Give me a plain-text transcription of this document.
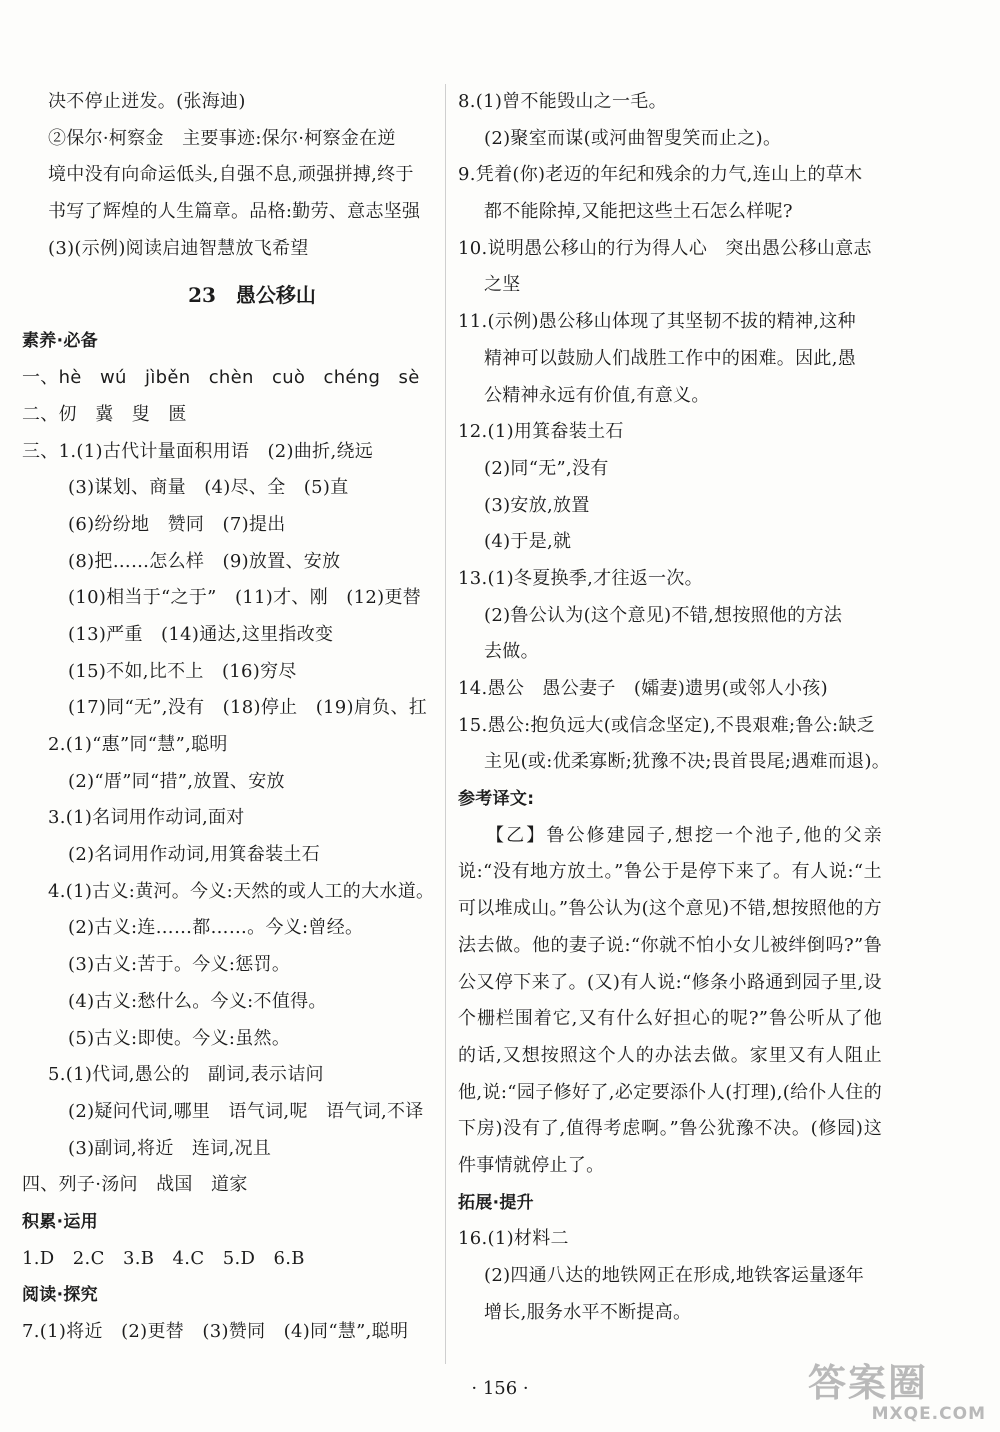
决不停止迸发。(张海迪)
②保尔·柯察金　主要事迹:保尔·柯察金在逆
境中没有向命运低头,自强不息,顽强拼搏,终于
书写了辉煌的人生篇章。品格:勤劳、意志坚强
(3)(示例)阅读启迪智慧放飞希望
23　愚公移山
素养·必备
一、hè　wú　jìběn　chèn　cuò　chéng　sè
二、仞　冀　叟　匮
三、1.(1)古代计量面积用语　(2)曲折,绕远
(3)谋划、商量　(4)尽、全　(5)直
(6)纷纷地　赞同　(7)提出
(8)把……怎么样　(9)放置、安放
(10)相当于“之于”　(11)才、刚　(12)更替
(13)严重　(14)通达,这里指改变
(15)不如,比不上　(16)穷尽
(17)同“无”,没有　(18)停止　(19)肩负、扛
2.(1)“惠”同“慧”,聪明
(2)“厝”同“措”,放置、安放
3.(1)名词用作动词,面对
(2)名词用作动词,用箕畚装土石
4.(1)古义:黄河。今义:天然的或人工的大水道。
(2)古义:连……都……。今义:曾经。
(3)古义:苦于。今义:惩罚。
(4)古义:愁什么。今义:不值得。
(5)古义:即使。今义:虽然。
5.(1)代词,愚公的　副词,表示诘问
(2)疑问代词,哪里　语气词,呢　语气词,不译
(3)副词,将近　连词,况且
四、列子·汤问　战国　道家
积累·运用
1.D　2.C　3.B　4.C　5.D　6.B
阅读·探究
7.(1)将近　(2)更替　(3)赞同　(4)同“慧”,聪明
8.(1)曾不能毁山之一毛。
(2)聚室而谋(或河曲智叟笑而止之)。
9.凭着(你)老迈的年纪和残余的力气,连山上的草木
都不能除掉,又能把这些土石怎么样呢?
10.说明愚公移山的行为得人心　突出愚公移山意志
之坚
11.(示例)愚公移山体现了其坚韧不拔的精神,这种
精神可以鼓励人们战胜工作中的困难。因此,愚
公精神永远有价值,有意义。
12.(1)用箕畚装土石
(2)同“无”,没有
(3)安放,放置
(4)于是,就
13.(1)冬夏换季,才往返一次。
(2)鲁公认为(这个意见)不错,想按照他的方法
去做。
14.愚公　愚公妻子　(孀妻)遗男(或邻人小孩)
15.愚公:抱负远大(或信念坚定),不畏艰难;鲁公:缺乏
主见(或:优柔寡断;犹豫不决;畏首畏尾;遇难而退)。
参考译文:
【乙】鲁公修建园子,想挖一个池子,他的父亲说:“没有地方放土。”鲁公于是停下来了。有人说:“土可以堆成山。”鲁公认为(这个意见)不错,想按照他的方法去做。他的妻子说:“你就不怕小女儿被绊倒吗?”鲁公又停下来了。(又)有人说:“修条小路通到园子里,设个栅栏围着它,又有什么好担心的呢?”鲁公听从了他的话,又想按照这个人的办法去做。家里又有人阻止他,说:“园子修好了,必定要添仆人(打理),(给仆人住的下房)没有了,值得考虑啊。”鲁公犹豫不决。(修园)这件事情就停止了。
拓展·提升
16.(1)材料二
(2)四通八达的地铁网正在形成,地铁客运量逐年
增长,服务水平不断提高。
· 156 ·	答案圈
MXQE.COM
